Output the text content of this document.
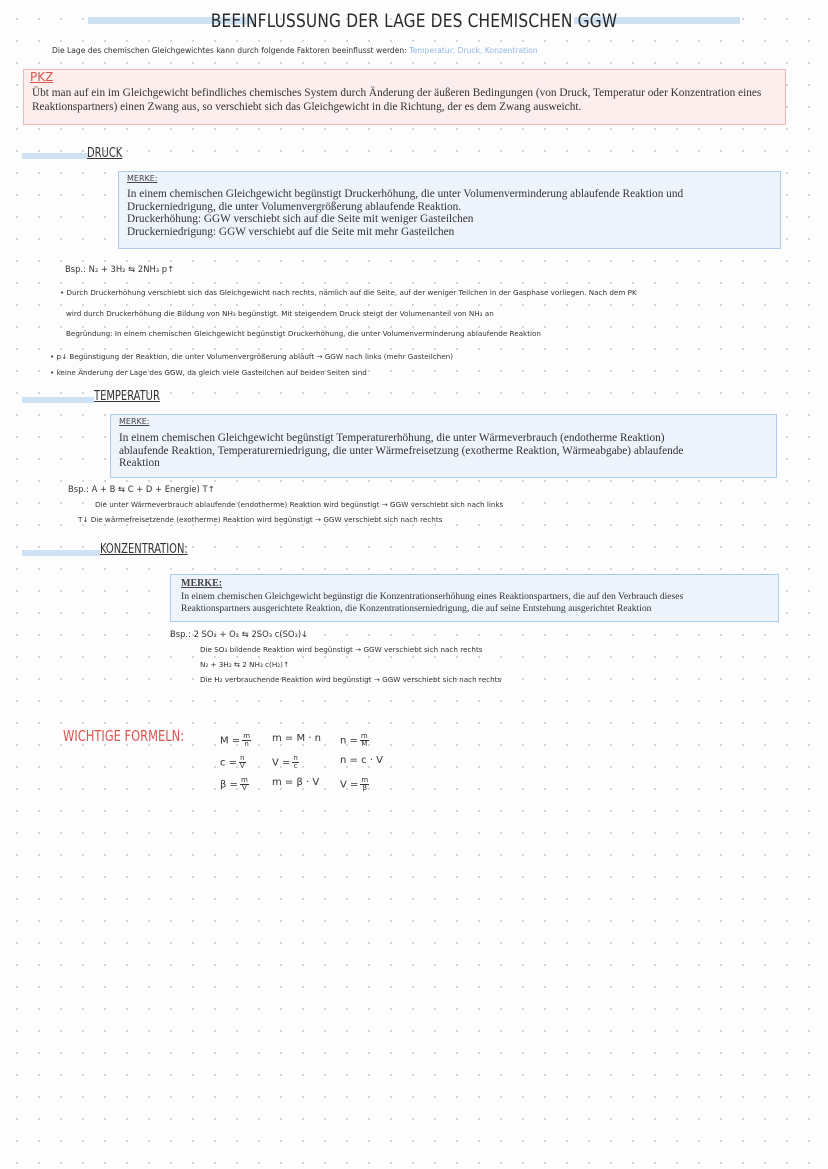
BEEINFLUSSUNG DER LAGE DES CHEMISCHEN GGW
Die Lage des chemischen Gleichgewichtes kann durch folgende Faktoren beeinflusst werden: Temperatur, Druck, Konzentration
PKZ
Übt man auf ein im Gleichgewicht befindliches chemisches System durch Änderung der äußeren Bedingungen (von Druck, Temperatur oder Konzentration eines Reaktionspartners) einen Zwang aus, so verschiebt sich das Gleichgewicht in die Richtung, der es dem Zwang ausweicht.
DRUCK
MERKE:
In einem chemischen Gleichgewicht begünstigt Druckerhöhung, die unter Volumenverminderung ablaufende Reaktion und
Druckerniedrigung, die unter Volumenvergrößerung ablaufende Reaktion.
Druckerhöhung: GGW verschiebt sich auf die Seite mit weniger Gasteilchen
Druckerniedrigung: GGW verschiebt auf die Seite mit mehr Gasteilchen
Bsp.: N₂ + 3H₂ ⇆ 2NH₃ p↑
• Durch Druckerhöhung verschiebt sich das Gleichgewicht nach rechts, nämlich auf die Seite, auf der weniger Teilchen in der Gasphase vorliegen. Nach dem PK
wird durch Druckerhöhung die Bildung von NH₃ begünstigt. Mit steigendem Druck steigt der Volumenanteil von NH₃ an
Begründung: In einem chemischen Gleichgewicht begünstigt Druckerhöhung, die unter Volumenverminderung ablaufende Reaktion
• p↓ Begünstigung der Reaktion, die unter Volumenvergrößerung abläuft → GGW nach links (mehr Gasteilchen)
• keine Änderung der Lage des GGW, da gleich viele Gasteilchen auf beiden Seiten sind
TEMPERATUR
MERKE:
In einem chemischen Gleichgewicht begünstigt Temperaturerhöhung, die unter Wärmeverbrauch (endotherme Reaktion)
ablaufende Reaktion, Temperaturerniedrigung, die unter Wärmefreisetzung (exotherme Reaktion, Wärmeabgabe) ablaufende
Reaktion
Bsp.: A + B ⇆ C + D + Energie) T↑
Die unter Wärmeverbrauch ablaufende (endotherme) Reaktion wird begünstigt → GGW verschiebt sich nach links
T↓ Die wärmefreisetzende (exotherme) Reaktion wird begünstigt → GGW verschiebt sich nach rechts
KONZENTRATION:
MERKE:
In einem chemischen Gleichgewicht begünstigt die Konzentrationserhöhung eines Reaktionspartners, die auf den Verbrauch dieses
Reaktionspartners ausgerichtete Reaktion, die Konzentrationserniedrigung, die auf seine Entstehung ausgerichtet Reaktion
Bsp.: 2 SO₂ + O₂ ⇆ 2SO₃ c(SO₃)↓
Die SO₃ bildende Reaktion wird begünstigt → GGW verschiebt sich nach rechts
N₂ + 3H₂ ⇆ 2 NH₃ c(H₂)↑
Die H₂ verbrauchende Reaktion wird begünstigt → GGW verschiebt sich nach rechts
WICHTIGE FORMELN:	$M = \frac{m}{n}$ m = M · n $n = \frac{m}{M}$
$c = \frac{n}{V}$	$V = \frac{n}{c}$	n = c · V
$\beta = \frac{m}{V}$ m = β · V $V = \frac{m}{\beta}$
